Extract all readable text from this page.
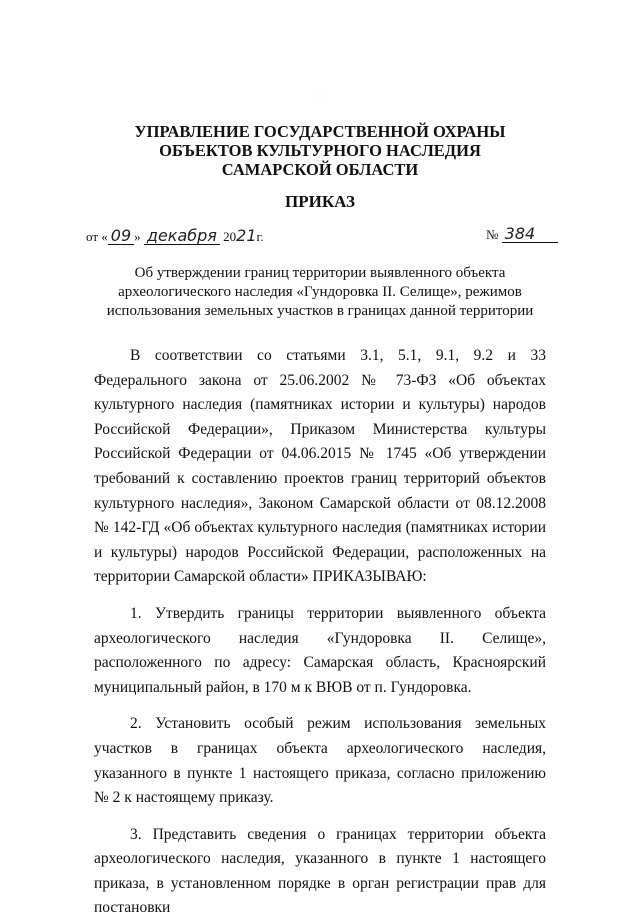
· ·
УПРАВЛЕНИЕ ГОСУДАРСТВЕННОЙ ОХРАНЫ
ОБЪЕКТОВ КУЛЬТУРНОГО НАСЛЕДИЯ
САМАРСКОЙ ОБЛАСТИ
ПРИКАЗ
от « 09 » декабря 2021г.	№ 384
Об утверждении границ территории выявленного объекта
археологического наследия «Гундоровка II. Селище», режимов
использования земельных участков в границах данной территории

В соответствии со статьями 3.1, 5.1, 9.1, 9.2 и 33 Федерального закона от 25.06.2002 № 73-ФЗ «Об объектах культурного наследия (памятниках истории и культуры) народов Российской Федерации», Приказом Министерства культуры Российской Федерации от 04.06.2015 № 1745 «Об утверждении требований к составлению проектов границ территорий объектов культурного наследия», Законом Самарской области от 08.12.2008 № 142-ГД «Об объектах культурного наследия (памятниках истории и культуры) народов Российской Федерации, расположенных на территории Самарской области» ПРИКАЗЫВАЮ:

1. Утвердить границы территории выявленного объекта археологического наследия «Гундоровка II. Селище», расположенного по адресу: Самарская область, Красноярский муниципальный район, в 170 м к ВЮВ от п. Гундоровка.

2. Установить особый режим использования земельных участков в границах объекта археологического наследия, указанного в пункте 1 настоящего приказа, согласно приложению № 2 к настоящему приказу.

3. Представить сведения о границах территории объекта археологического наследия, указанного в пункте 1 настоящего приказа, в установленном порядке в орган регистрации прав для постановки
